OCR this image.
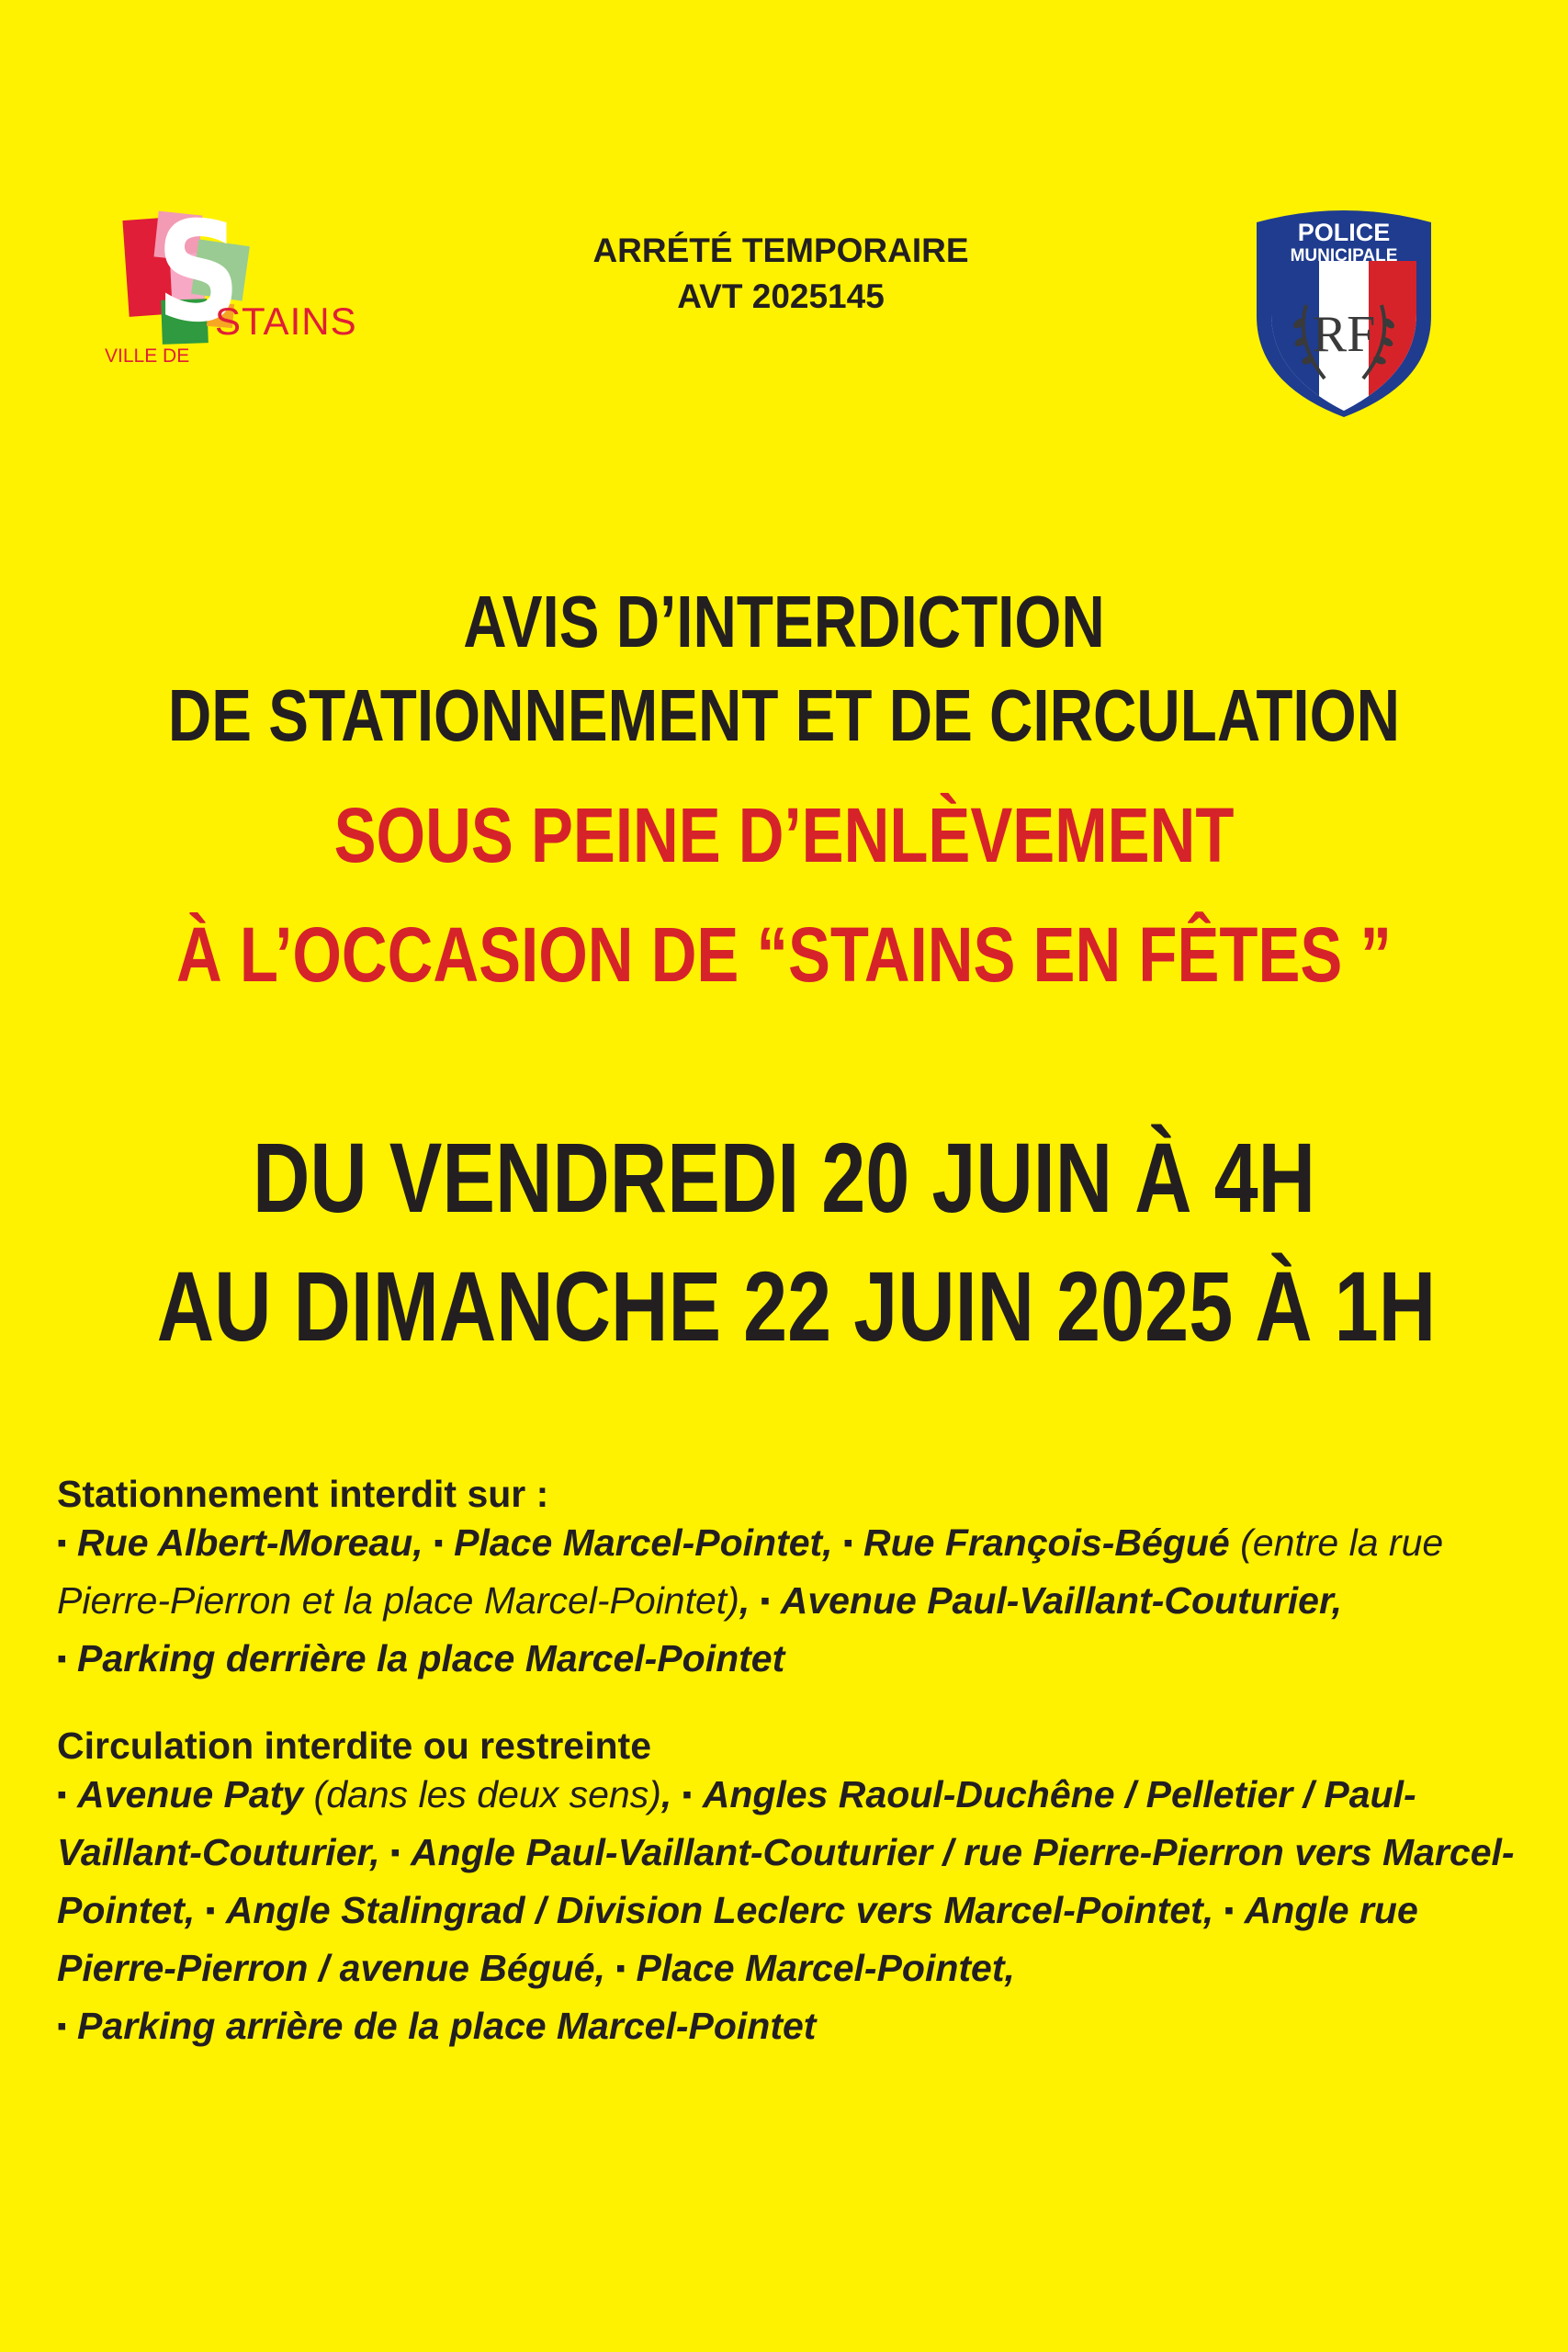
S
STAINS
VILLE DE
ARRÉTÉ TEMPORAIRE
AVT 2025145
POLICE
MUNICIPALE
RF
AVIS D’INTERDICTION
DE STATIONNEMENT ET DE CIRCULATION
SOUS PEINE D’ENLÈVEMENT
À L’OCCASION DE “STAINS EN FÊTES ”
DU VENDREDI 20 JUIN À 4H
AU DIMANCHE 22 JUIN 2025 À 1H
Stationnement interdit sur :
▪ Rue Albert-Moreau, ▪ Place Marcel-Pointet, ▪ Rue François-Bégué (entre la rue Pierre-Pierron et la place Marcel-Pointet), ▪ Avenue Paul-Vaillant-Couturier,
▪ Parking derrière la place Marcel-Pointet
Circulation interdite ou restreinte
▪ Avenue Paty (dans les deux sens), ▪ Angles Raoul-Duchêne / Pelletier / Paul-Vaillant-Couturier, ▪ Angle Paul-Vaillant-Couturier / rue Pierre-Pierron vers Marcel-Pointet, ▪ Angle Stalingrad / Division Leclerc vers Marcel-Pointet, ▪ Angle rue Pierre-Pierron / avenue Bégué, ▪ Place Marcel-Pointet,
▪ Parking arrière de la place Marcel-Pointet
